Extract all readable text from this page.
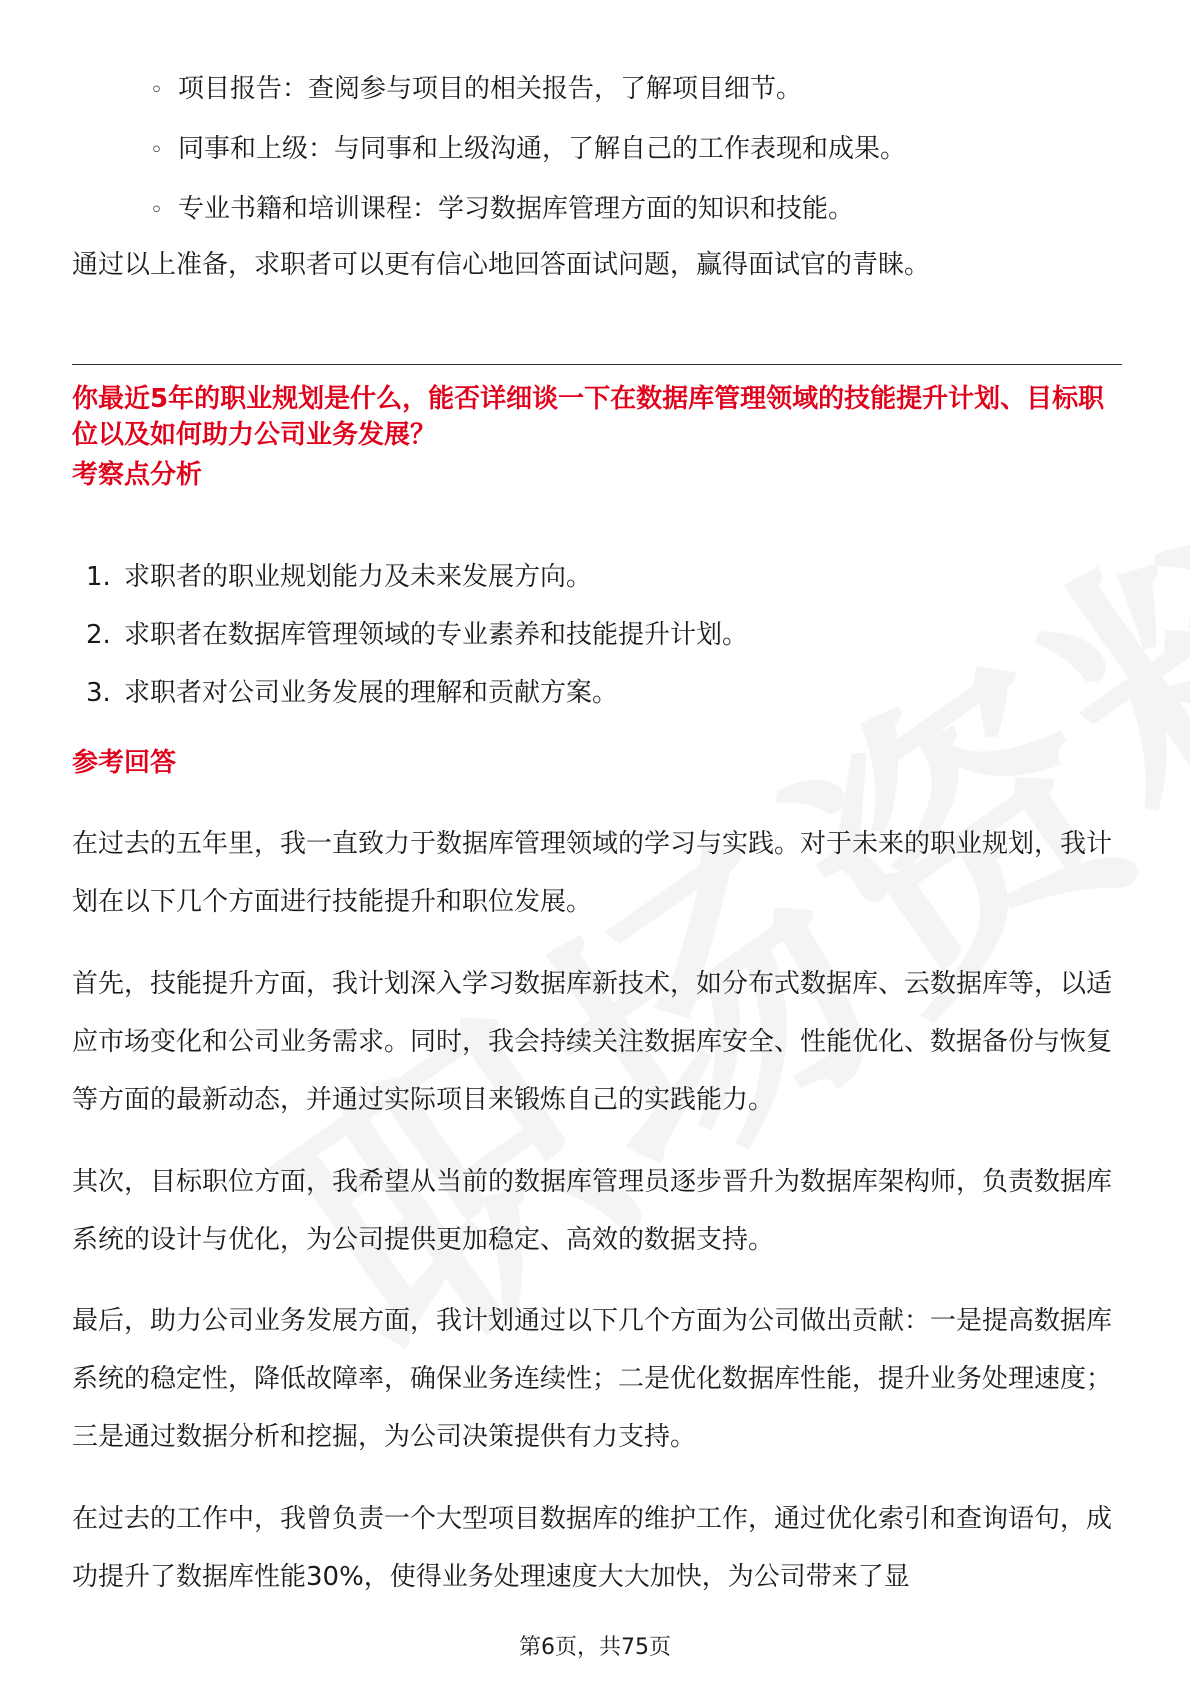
◦ 项目报告：查阅参与项目的相关报告，了解项目细节。
◦ 同事和上级：与同事和上级沟通，了解自己的工作表现和成果。
◦ 专业书籍和培训课程：学习数据库管理方面的知识和技能。

通过以上准备，求职者可以更有信心地回答面试问题，赢得面试官的青睐。

你最近5年的职业规划是什么，能否详细谈一下在数据库管理领域的技能提升计划、目标职位以及如何助力公司业务发展？

考察点分析

1. 求职者的职业规划能力及未来发展方向。
2. 求职者在数据库管理领域的专业素养和技能提升计划。
3. 求职者对公司业务发展的理解和贡献方案。

参考回答

在过去的五年里，我一直致力于数据库管理领域的学习与实践。对于未来的职业规划，我计划在以下几个方面进行技能提升和职位发展。

首先，技能提升方面，我计划深入学习数据库新技术，如分布式数据库、云数据库等，以适应市场变化和公司业务需求。同时，我会持续关注数据库安全、性能优化、数据备份与恢复等方面的最新动态，并通过实际项目来锻炼自己的实践能力。

其次，目标职位方面，我希望从当前的数据库管理员逐步晋升为数据库架构师，负责数据库系统的设计与优化，为公司提供更加稳定、高效的数据支持。

最后，助力公司业务发展方面，我计划通过以下几个方面为公司做出贡献：一是提高数据库系统的稳定性，降低故障率，确保业务连续性；二是优化数据库性能，提升业务处理速度；三是通过数据分析和挖掘，为公司决策提供有力支持。

在过去的工作中，我曾负责一个大型项目数据库的维护工作，通过优化索引和查询语句，成功提升了数据库性能30%，使得业务处理速度大大加快，为公司带来了显

第6页，共75页
